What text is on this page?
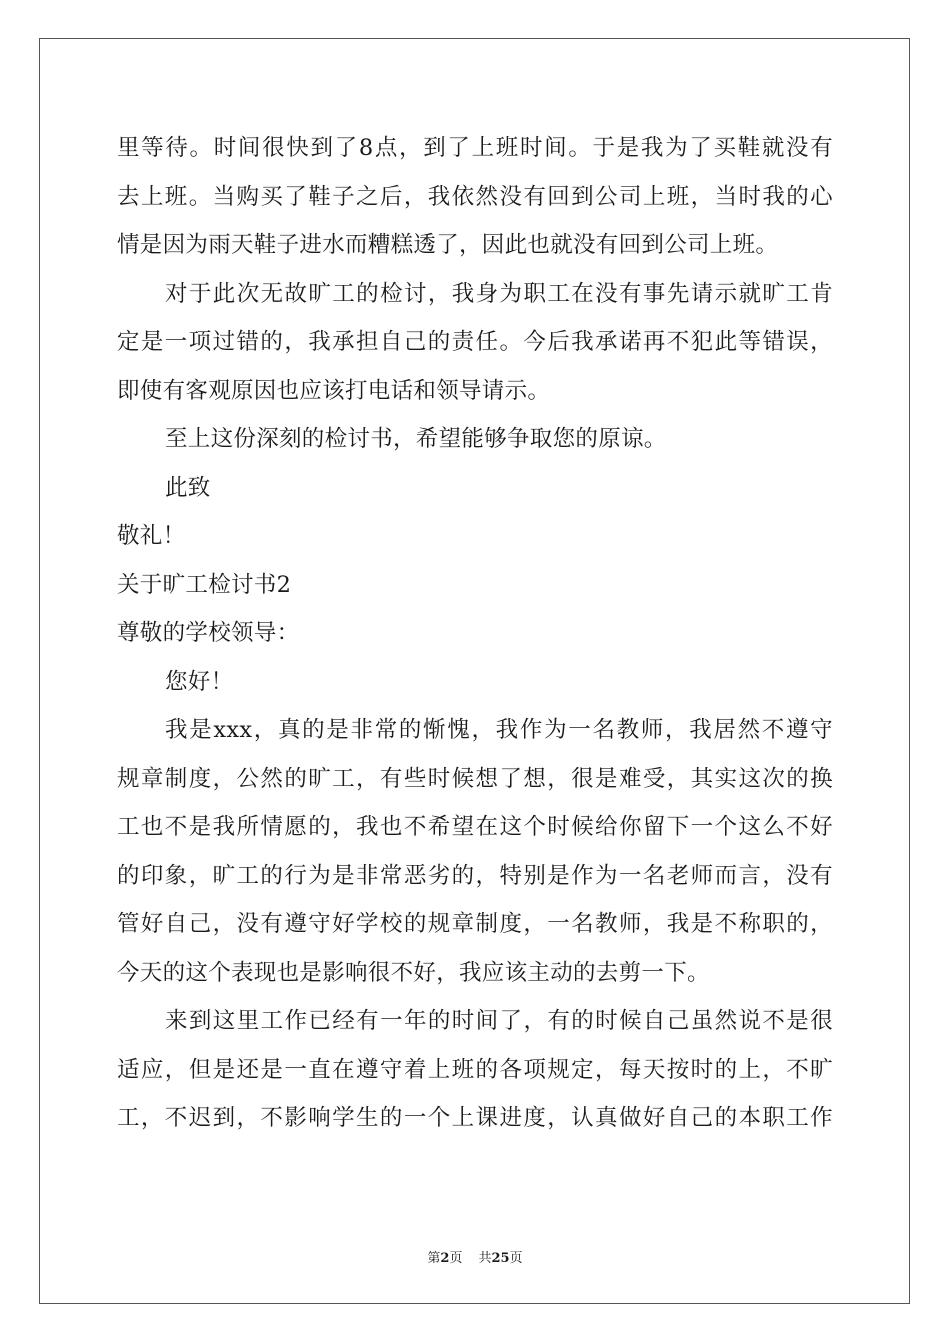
里等待。时间很快到了8点，到了上班时间。于是我为了买鞋就没有
去上班。当购买了鞋子之后，我依然没有回到公司上班，当时我的心
情是因为雨天鞋子进水而糟糕透了，因此也就没有回到公司上班。
对于此次无故旷工的检讨，我身为职工在没有事先请示就旷工肯
定是一项过错的，我承担自己的责任。今后我承诺再不犯此等错误，
即使有客观原因也应该打电话和领导请示。
至上这份深刻的检讨书，希望能够争取您的原谅。
此致
敬礼！
关于旷工检讨书2
尊敬的学校领导：
您好！
我是xxx，真的是非常的惭愧，我作为一名教师，我居然不遵守
规章制度，公然的旷工，有些时候想了想，很是难受，其实这次的换
工也不是我所情愿的，我也不希望在这个时候给你留下一个这么不好
的印象，旷工的行为是非常恶劣的，特别是作为一名老师而言，没有
管好自己，没有遵守好学校的规章制度，一名教师，我是不称职的，
今天的这个表现也是影响很不好，我应该主动的去剪一下。
来到这里工作已经有一年的时间了，有的时候自己虽然说不是很
适应，但是还是一直在遵守着上班的各项规定，每天按时的上，不旷
工，不迟到，不影响学生的一个上课进度，认真做好自己的本职工作
第2页 共25页
